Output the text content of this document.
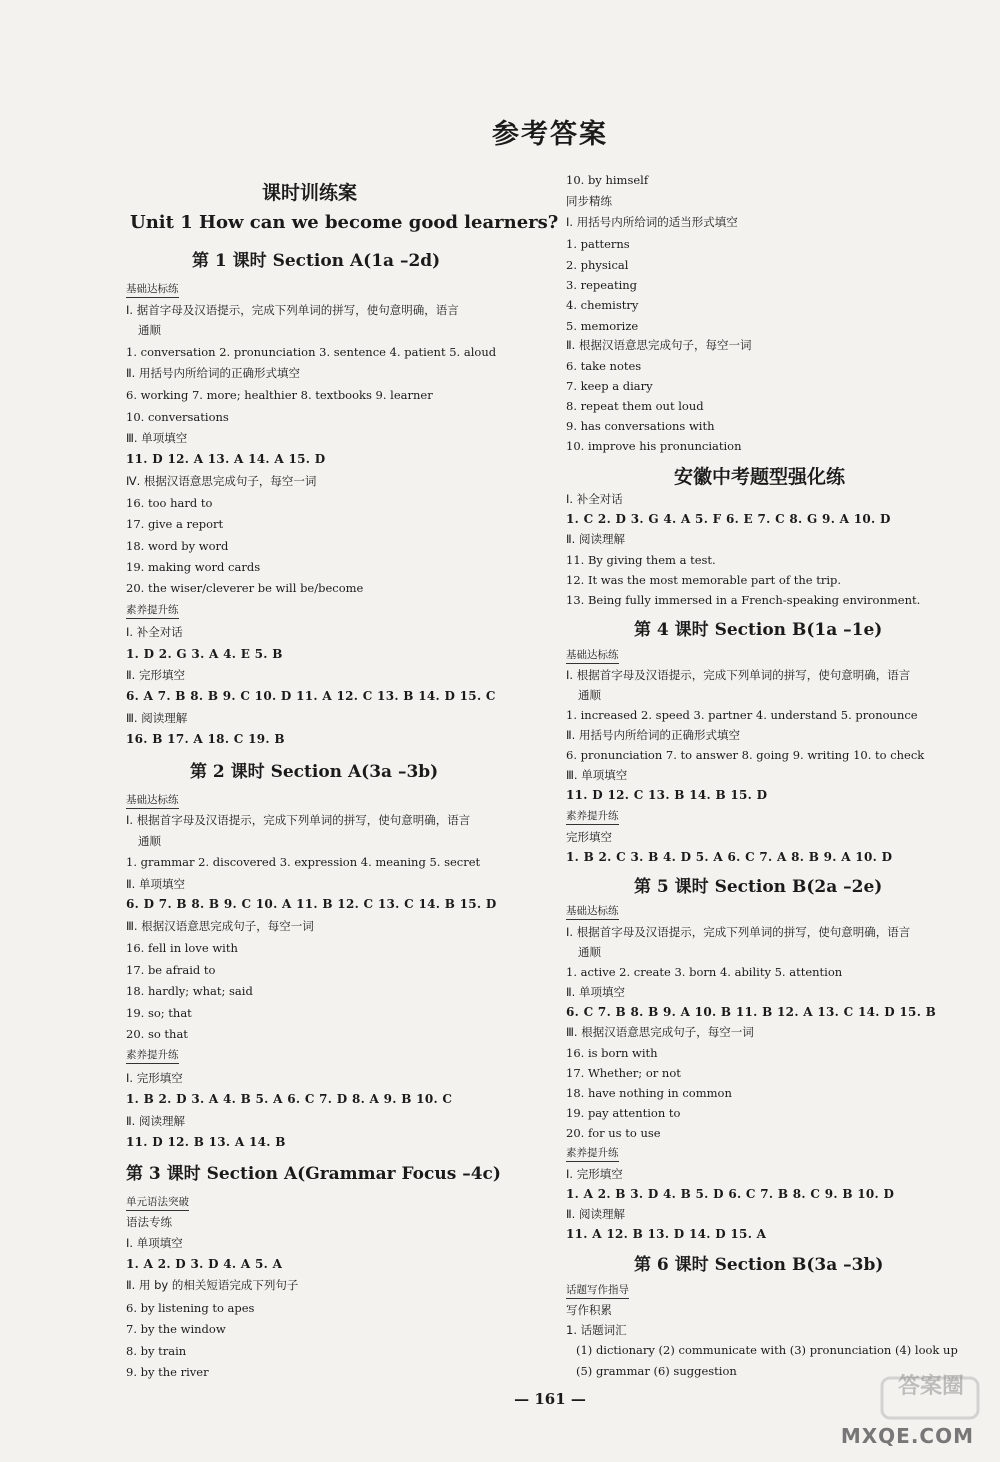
参考答案
课时训练案
Unit 1 How can we become good learners?
第 1 课时 Section A(1a –2d)
基础达标练
Ⅰ. 据首字母及汉语提示，完成下列单词的拼写，使句意明确，语言
通顺
1. conversation 2. pronunciation 3. sentence 4. patient 5. aloud
Ⅱ. 用括号内所给词的正确形式填空
6. working 7. more; healthier 8. textbooks 9. learner
10. conversations
Ⅲ. 单项填空
11. D 12. A 13. A 14. A 15. D
Ⅳ. 根据汉语意思完成句子，每空一词
16. too hard to
17. give a report
18. word by word
19. making word cards
20. the wiser/cleverer be will be/become
素养提升练
Ⅰ. 补全对话
1. D 2. G 3. A 4. E 5. B
Ⅱ. 完形填空
6. A 7. B 8. B 9. C 10. D 11. A 12. C 13. B 14. D 15. C
Ⅲ. 阅读理解
16. B 17. A 18. C 19. B
第 2 课时 Section A(3a –3b)
基础达标练
Ⅰ. 根据首字母及汉语提示，完成下列单词的拼写，使句意明确，语言
通顺
1. grammar 2. discovered 3. expression 4. meaning 5. secret
Ⅱ. 单项填空
6. D 7. B 8. B 9. C 10. A 11. B 12. C 13. C 14. B 15. D
Ⅲ. 根据汉语意思完成句子，每空一词
16. fell in love with
17. be afraid to
18. hardly; what; said
19. so; that
20. so that
素养提升练
Ⅰ. 完形填空
1. B 2. D 3. A 4. B 5. A 6. C 7. D 8. A 9. B 10. C
Ⅱ. 阅读理解
11. D 12. B 13. A 14. B
第 3 课时 Section A(Grammar Focus –4c)
单元语法突破
语法专练
Ⅰ. 单项填空
1. A 2. D 3. D 4. A 5. A
Ⅱ. 用 by 的相关短语完成下列句子
6. by listening to apes
7. by the window
8. by train
9. by the river
10. by himself
同步精练
Ⅰ. 用括号内所给词的适当形式填空
1. patterns
2. physical
3. repeating
4. chemistry
5. memorize
Ⅱ. 根据汉语意思完成句子，每空一词
6. take notes
7. keep a diary
8. repeat them out loud
9. has conversations with
10. improve his pronunciation
安徽中考题型强化练
Ⅰ. 补全对话
1. C 2. D 3. G 4. A 5. F 6. E 7. C 8. G 9. A 10. D
Ⅱ. 阅读理解
11. By giving them a test.
12. It was the most memorable part of the trip.
13. Being fully immersed in a French-speaking environment.
第 4 课时 Section B(1a –1e)
基础达标练
Ⅰ. 根据首字母及汉语提示，完成下列单词的拼写，使句意明确，语言
通顺
1. increased 2. speed 3. partner 4. understand 5. pronounce
Ⅱ. 用括号内所给词的正确形式填空
6. pronunciation 7. to answer 8. going 9. writing 10. to check
Ⅲ. 单项填空
11. D 12. C 13. B 14. B 15. D
素养提升练
完形填空
1. B 2. C 3. B 4. D 5. A 6. C 7. A 8. B 9. A 10. D
第 5 课时 Section B(2a –2e)
基础达标练
Ⅰ. 根据首字母及汉语提示，完成下列单词的拼写，使句意明确，语言
通顺
1. active 2. create 3. born 4. ability 5. attention
Ⅱ. 单项填空
6. C 7. B 8. B 9. A 10. B 11. B 12. A 13. C 14. D 15. B
Ⅲ. 根据汉语意思完成句子，每空一词
16. is born with
17. Whether; or not
18. have nothing in common
19. pay attention to
20. for us to use
素养提升练
Ⅰ. 完形填空
1. A 2. B 3. D 4. B 5. D 6. C 7. B 8. C 9. B 10. D
Ⅱ. 阅读理解
11. A 12. B 13. D 14. D 15. A
第 6 课时 Section B(3a –3b)
话题写作指导
写作积累
1. 话题词汇
(1) dictionary (2) communicate with (3) pronunciation (4) look up
(5) grammar (6) suggestion
— 161 —	答案圈
MXQE.COM
